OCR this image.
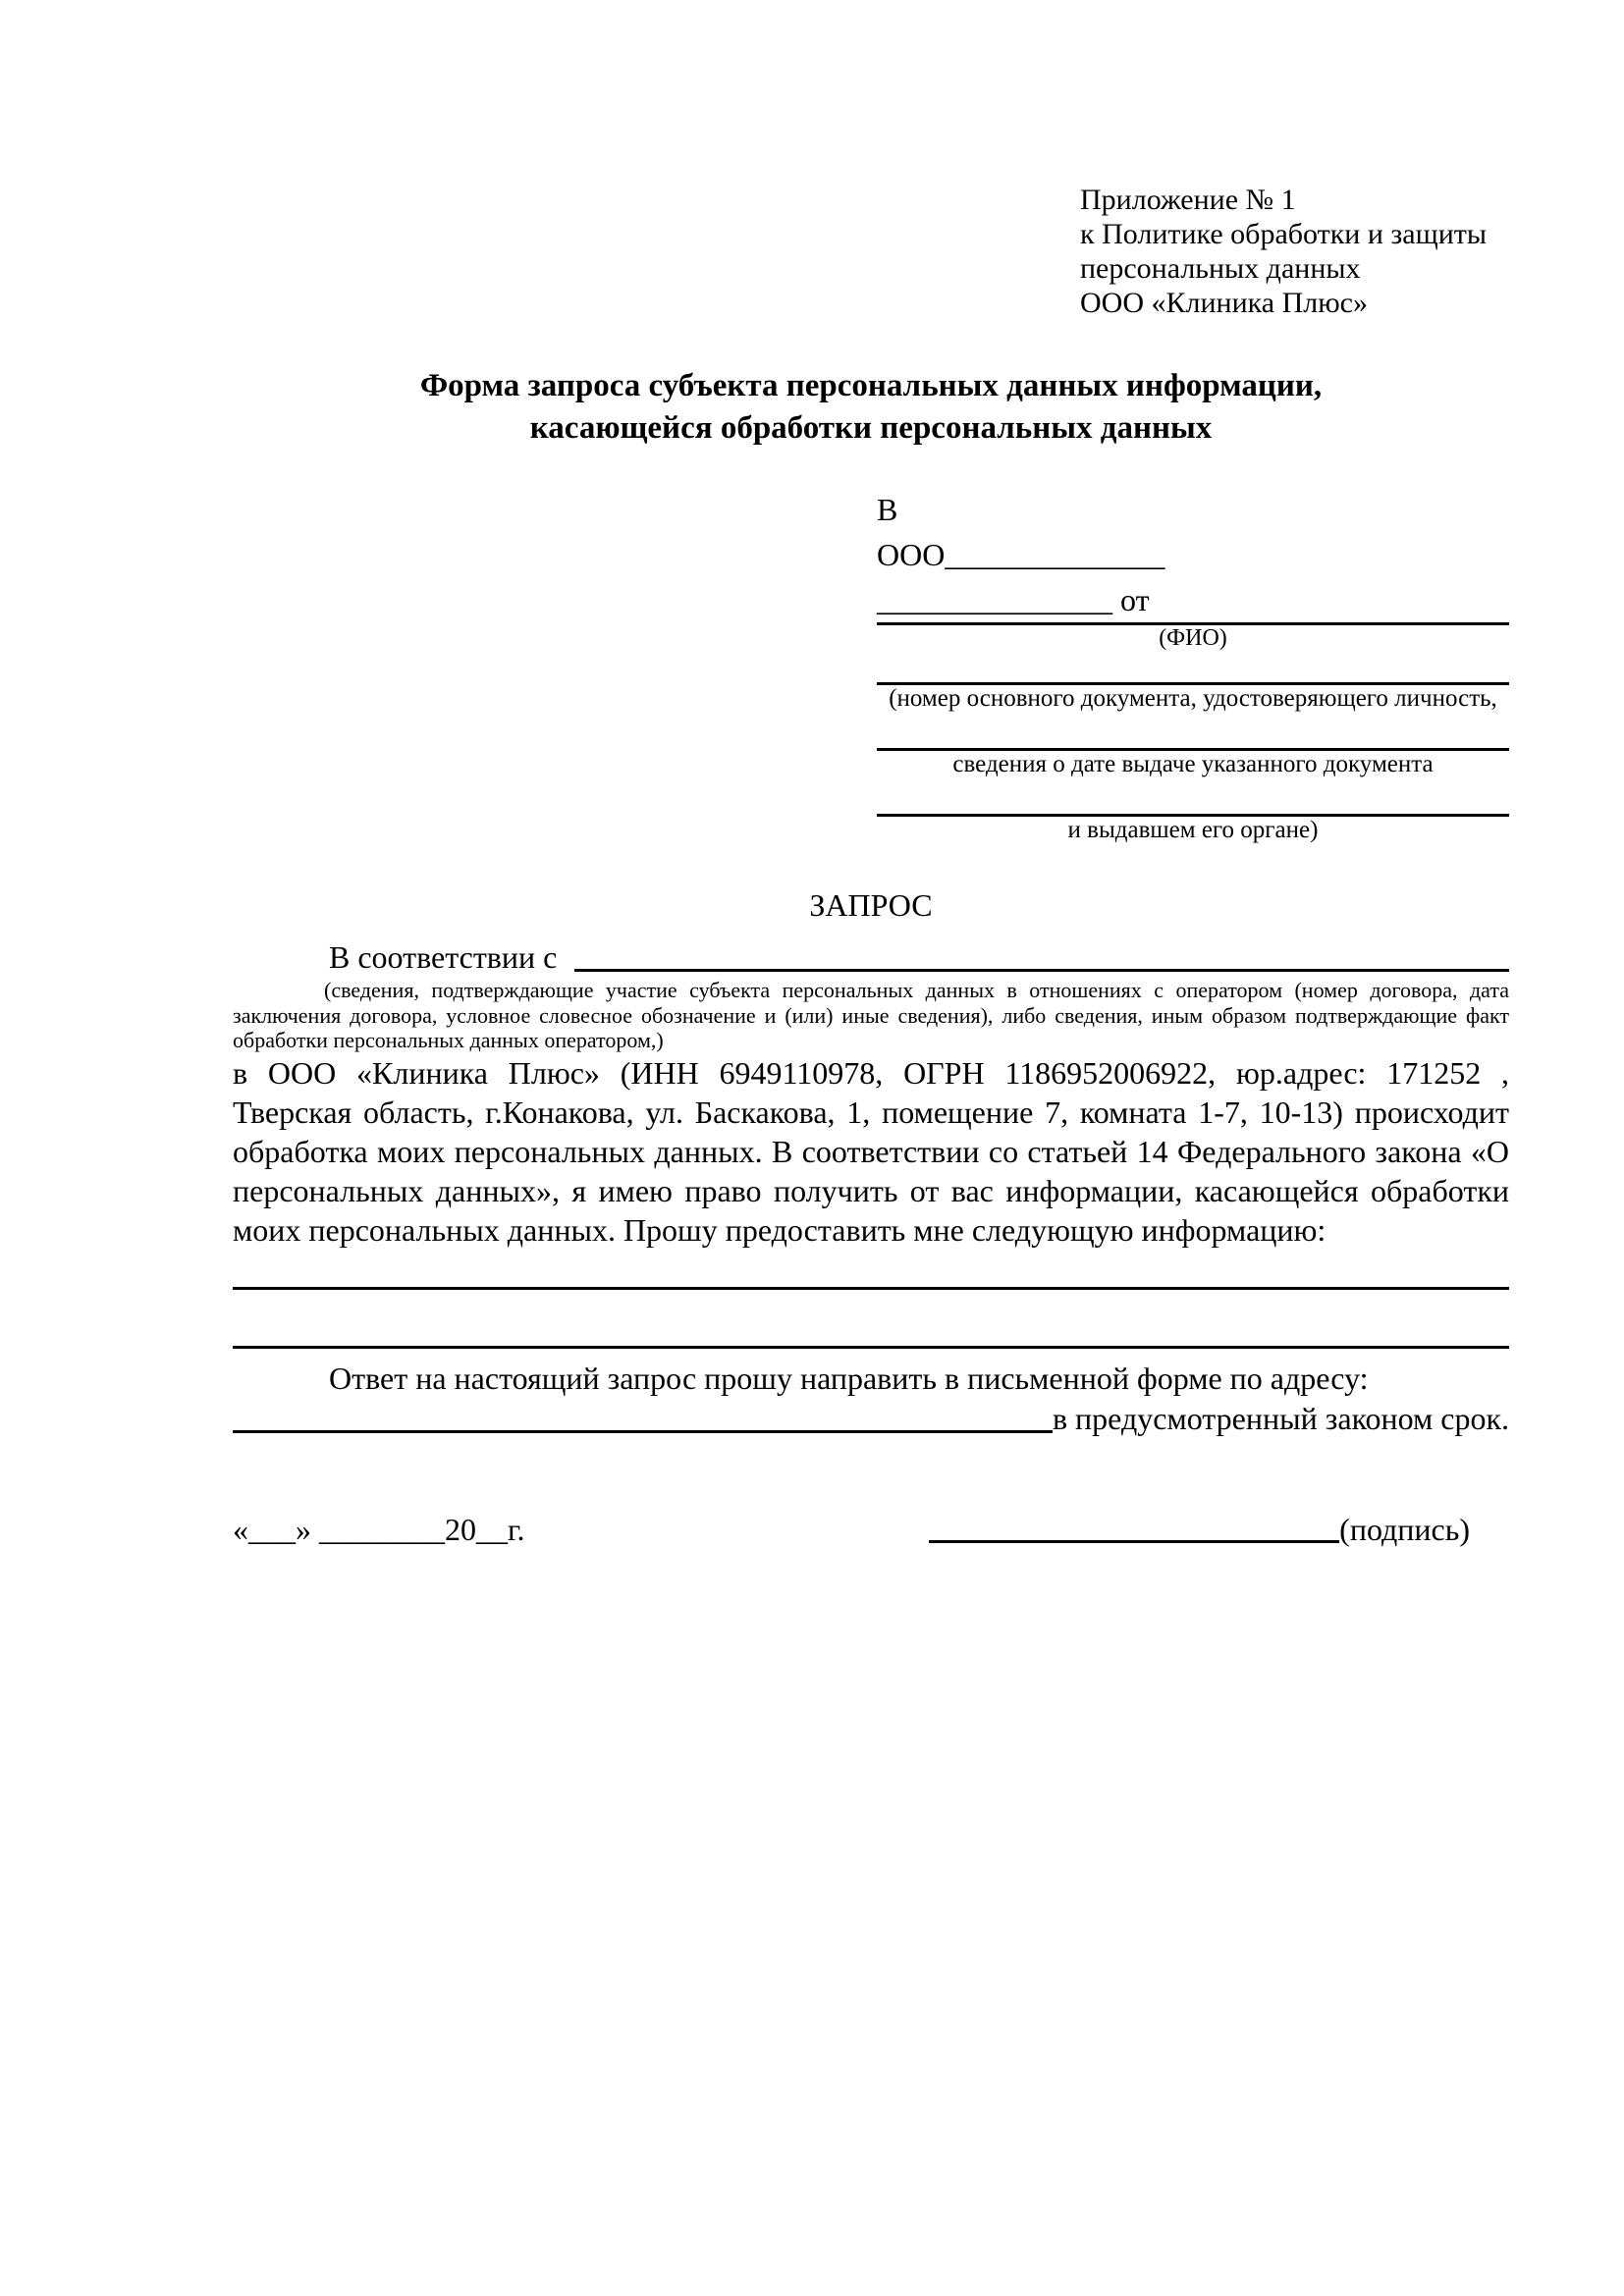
Приложение № 1
к Политике обработки и защиты
персональных данных
ООО «Клиника Плюс»
Форма запроса субъекта персональных данных информации,
касающейся обработки персональных данных
В
ООО______________
_______________ от
(ФИО)
(номер основного документа, удостоверяющего личность,
сведения о дате выдаче указанного документа
и выдавшем его органе)
ЗАПРОС
В соответствии с
(сведения, подтверждающие участие субъекта персональных данных в отношениях с оператором (номер договора, дата заключения договора, условное словесное обозначение и (или) иные сведения), либо сведения, иным образом подтверждающие факт обработки персональных данных оператором,)
в ООО «Клиника Плюс» (ИНН 6949110978, ОГРН 1186952006922, юр.адрес: 171252 , Тверская область, г.Конакова, ул. Баскакова, 1, помещение 7, комната 1-7, 10-13) происходит обработка моих персональных данных. В соответствии со статьей 14 Федерального закона «О персональных данных», я имею право получить от вас информации, касающейся обработки моих персональных данных. Прошу предоставить мне следующую информацию:
Ответ на настоящий запрос прошу направить в письменной форме по адресу:
в предусмотренный законом срок.
«___» ________20__г.	(подпись)
